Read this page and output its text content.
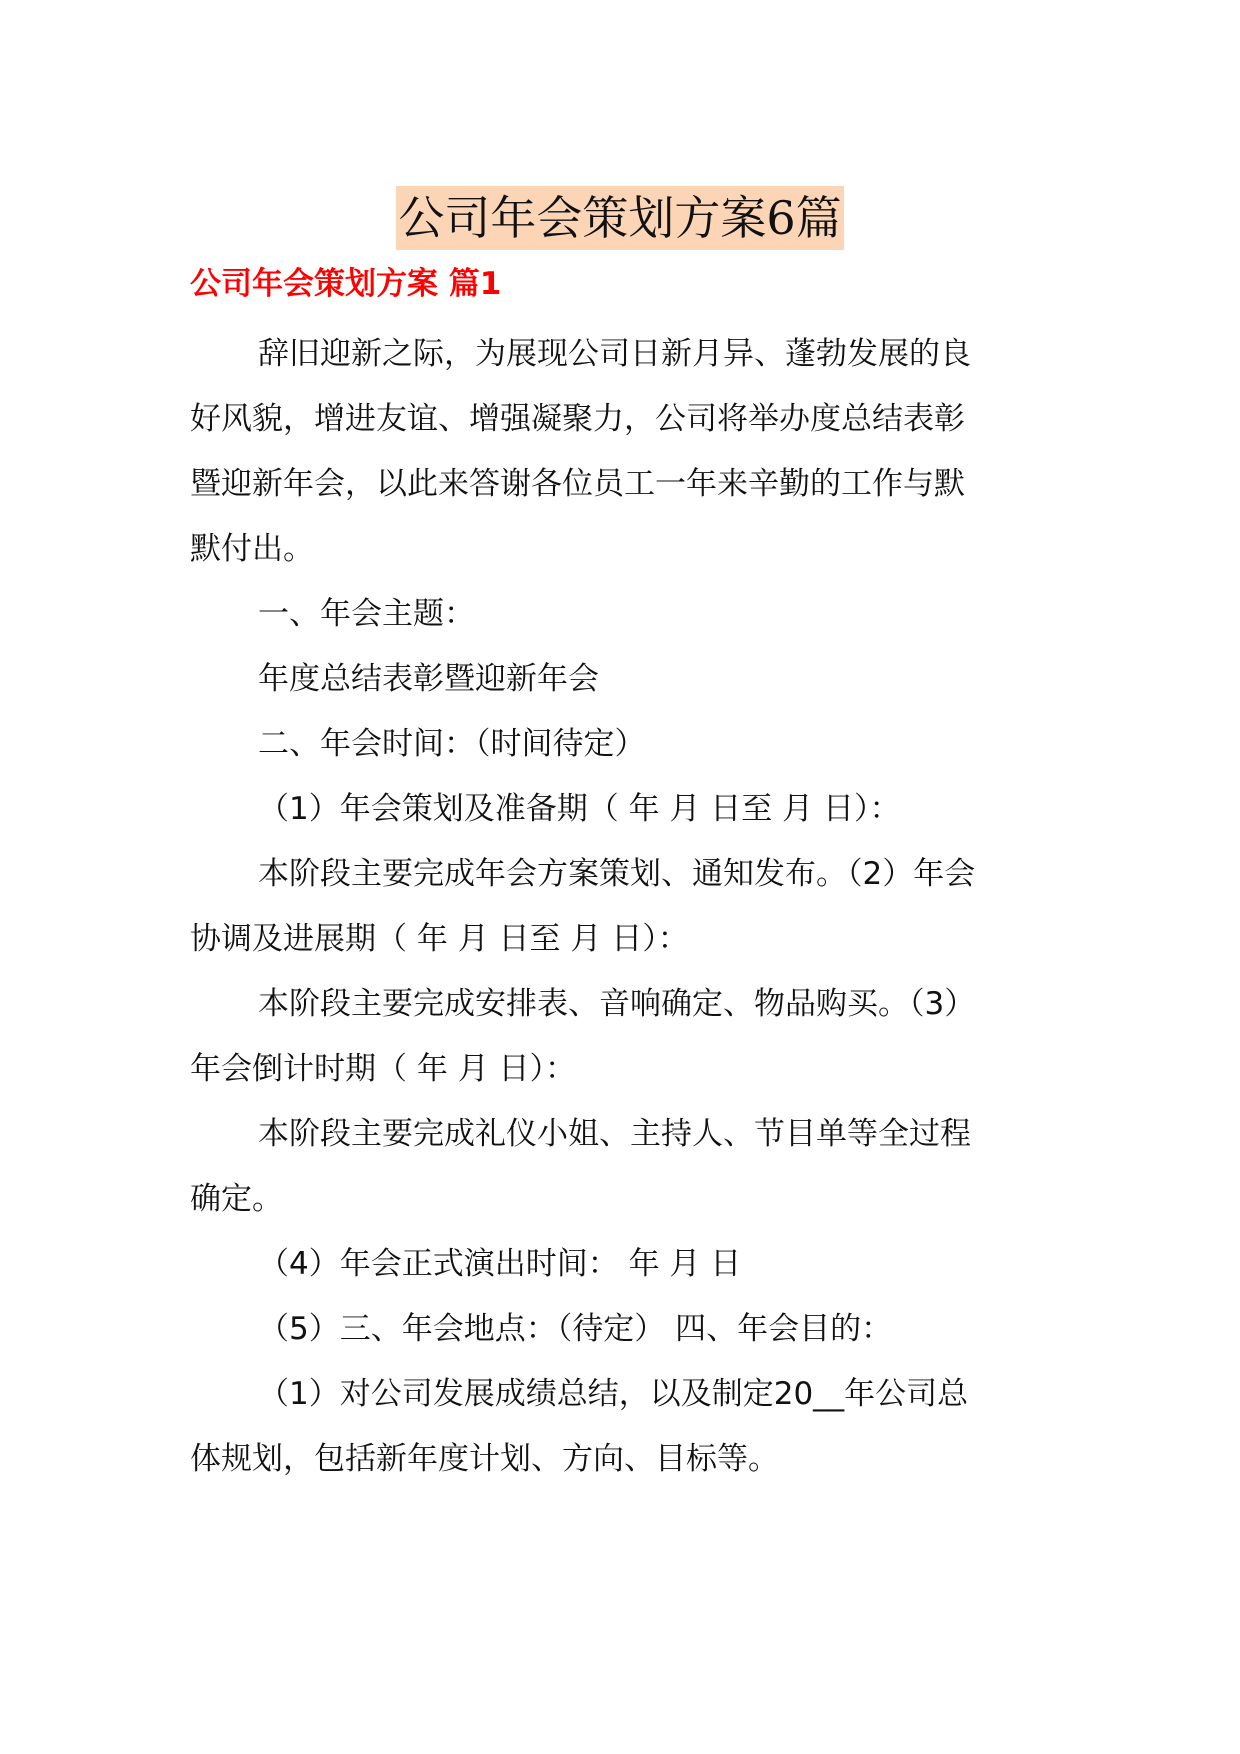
公司年会策划方案6篇
公司年会策划方案 篇1

辞旧迎新之际，为展现公司日新月异、蓬勃发展的良
好风貌，增进友谊、增强凝聚力，公司将举办度总结表彰
暨迎新年会，以此来答谢各位员工一年来辛勤的工作与默
默付出。

一、年会主题：

年度总结表彰暨迎新年会

二、年会时间：（时间待定）

（1）年会策划及准备期（ 年 月 日至 月 日）：

本阶段主要完成年会方案策划、通知发布。（2）年会
协调及进展期（ 年 月 日至 月 日）：

本阶段主要完成安排表、音响确定、物品购买。（3）
年会倒计时期（ 年 月 日）：

本阶段主要完成礼仪小姐、主持人、节目单等全过程
确定。

（4）年会正式演出时间： 年 月 日

（5）三、年会地点：（待定） 四、年会目的：

（1）对公司发展成绩总结，以及制定20__年公司总
体规划，包括新年度计划、方向、目标等。
